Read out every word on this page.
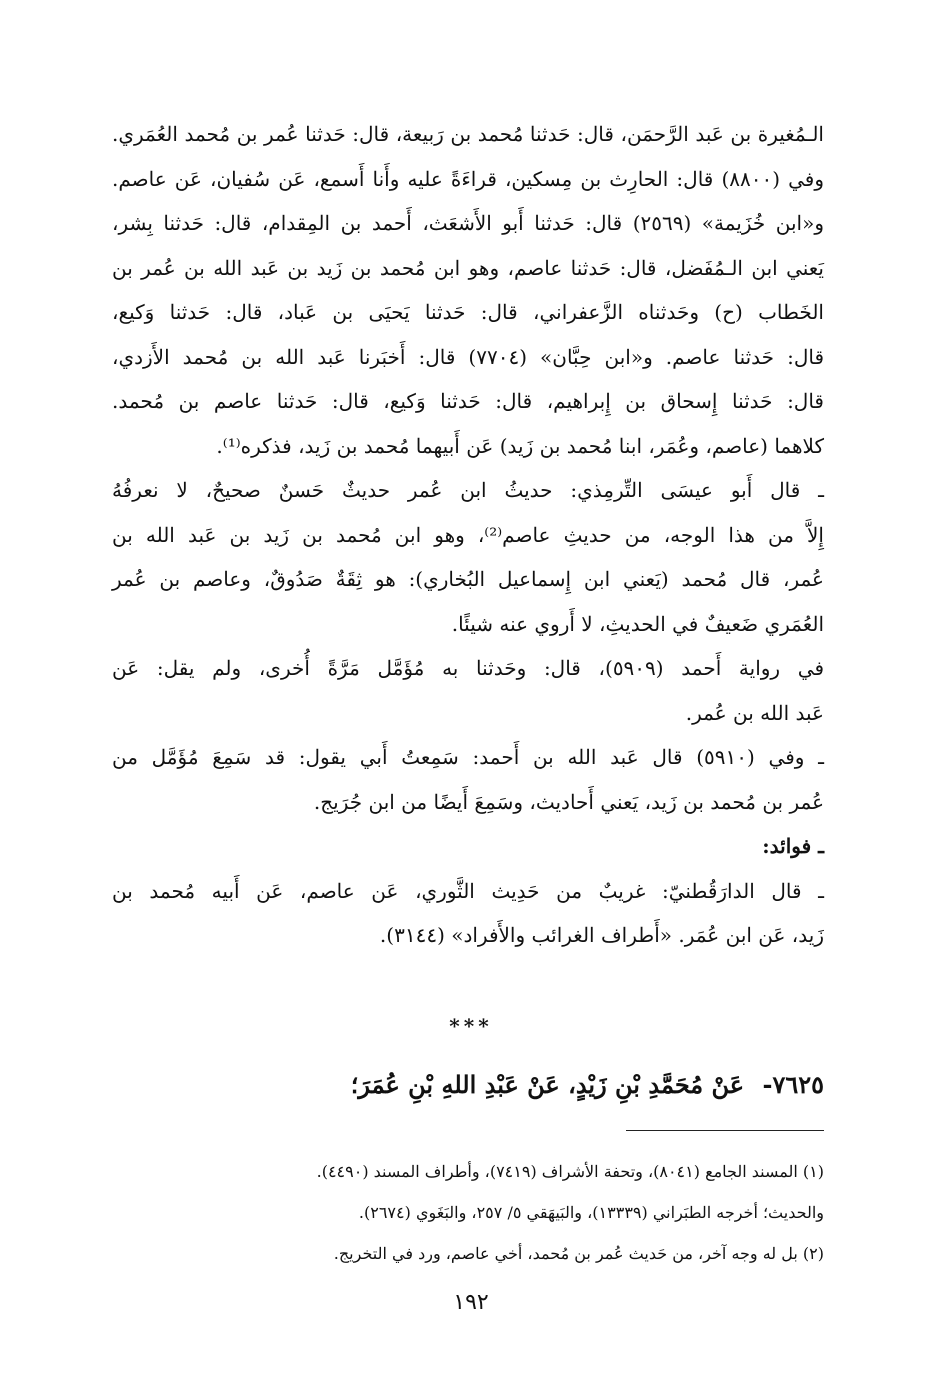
الـمُغيرة بن عَبد الرَّحمَن، قال: حَدثنا مُحمد بن رَبيعة، قال: حَدثنا عُمر بن مُحمد العُمَري.
وفي (٨٨٠٠) قال: الحارِث بن مِسكين، قراءَةً عليه وأَنا أَسمع، عَن سُفيان، عَن عاصم.
و«ابن خُزَيمة» (٢٥٦٩) قال: حَدثنا أَبو الأَشعَث، أَحمد بن المِقدام، قال: حَدثنا بِشر،
يَعني ابن الـمُفَضل، قال: حَدثنا عاصم، وهو ابن مُحمد بن زَيد بن عَبد الله بن عُمر بن
الخَطاب (ح) وحَدثناه الزَّعفراني، قال: حَدثنا يَحيَى بن عَباد، قال: حَدثنا وَكيع،
قال: حَدثنا عاصم. و«ابن حِبَّان» (٧٧٠٤) قال: أَخبَرنا عَبد الله بن مُحمد الأَزدي،
قال: حَدثنا إِسحاق بن إِبراهيم، قال: حَدثنا وَكيع، قال: حَدثنا عاصم بن مُحمد.
كلاهما (عاصم، وعُمَر، ابنا مُحمد بن زَيد) عَن أَبيهما مُحمد بن زَيد، فذكره⁽¹⁾.
ـ قال أَبو عيسَى التِّرمِذي: حديثُ ابن عُمر حديثٌ حَسنٌ صحيحٌ، لا نعرفُهُ
إِلاَّ من هذا الوجه، من حديثِ عاصم⁽²⁾، وهو ابن مُحمد بن زَيد بن عَبد الله بن
عُمر، قال مُحمد (يَعني ابن إِسماعيل البُخاري): هو ثِقَةٌ صَدُوقٌ، وعاصم بن عُمر
العُمَري ضَعيفٌ في الحديثِ، لا أَروي عنه شيئًا.
في رواية أَحمد (٥٩٠٩)، قال: وحَدثنا به مُؤَمَّل مَرَّةً أُخرى، ولم يقل: عَن
عَبد الله بن عُمر.
ـ وفي (٥٩١٠) قال عَبد الله بن أَحمد: سَمِعتُ أَبي يقول: قد سَمِعَ مُؤَمَّل من
عُمر بن مُحمد بن زَيد، يَعني أَحاديث، وسَمِعَ أَيضًا من ابن جُرَيج.
ـ فوائد:
ـ قال الدارَقُطنيّ: غريبٌ من حَدِيث الثَّوري، عَن عاصم، عَن أَبيه مُحمد بن
زَيد، عَن ابن عُمَر. «أَطراف الغرائب والأَفراد» (٣١٤٤).
***
٧٦٢٥- عَنْ مُحَمَّدِ بْنِ زَيْدٍ، عَنْ عَبْدِ اللهِ بْنِ عُمَرَ؛
(١) المسند الجامع (٨٠٤١)، وتحفة الأشراف (٧٤١٩)، وأطراف المسند (٤٤٩٠).
والحديث؛ أخرجه الطبَراني (١٣٣٣٩)، والبَيهَقي ٥/ ٢٥٧، والبَغَوي (٢٦٧٤).
(٢) بل له وجه آخر، من حَديث عُمر بن مُحمد، أخي عاصم، ورد في التخريج.
١٩٢
